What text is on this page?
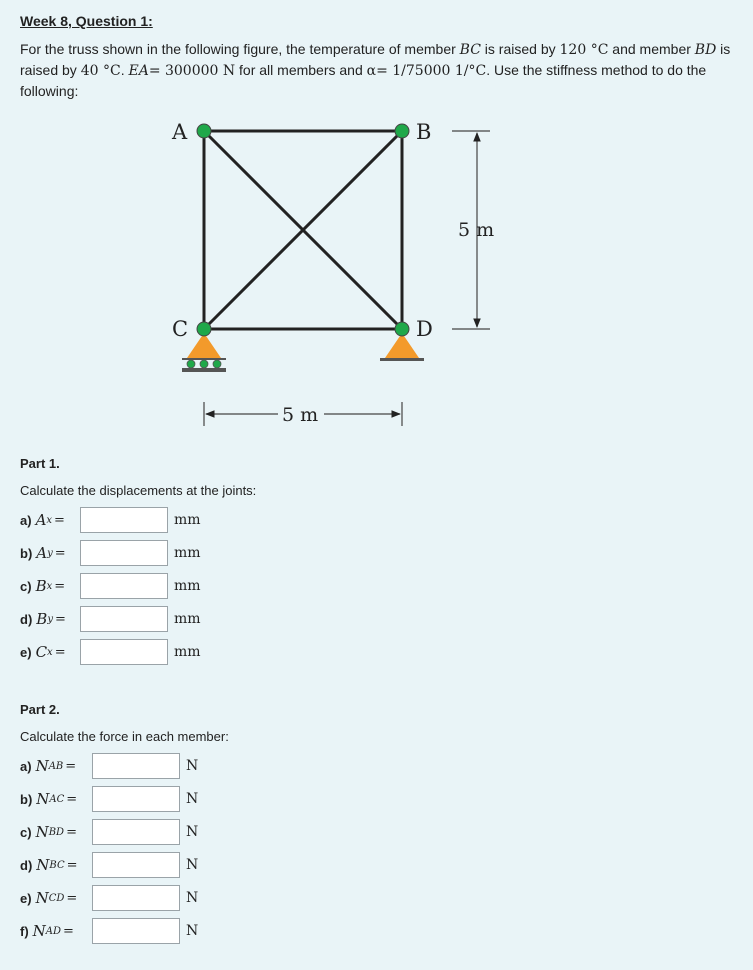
Week 8, Question 1:
For the truss shown in the following figure, the temperature of member BC is raised by 120 °C and member BD is raised by 40 °C. EA= 300000 N for all members and α= 1/75000 1/°C. Use the stiffness method to do the following:
A	B
C	D
5 m
5 m
Part 1.
Calculate the displacements at the joints:
a) A x =	mm
b) A y =	mm
c) B x =	mm
d) B y =	mm
e) C x =	mm
Part 2.
Calculate the force in each member:
a) N AB =	N
b) N AC =	N
c) N BD =	N
d) N BC =	N
e) N CD =	N
f) N AD =	N
